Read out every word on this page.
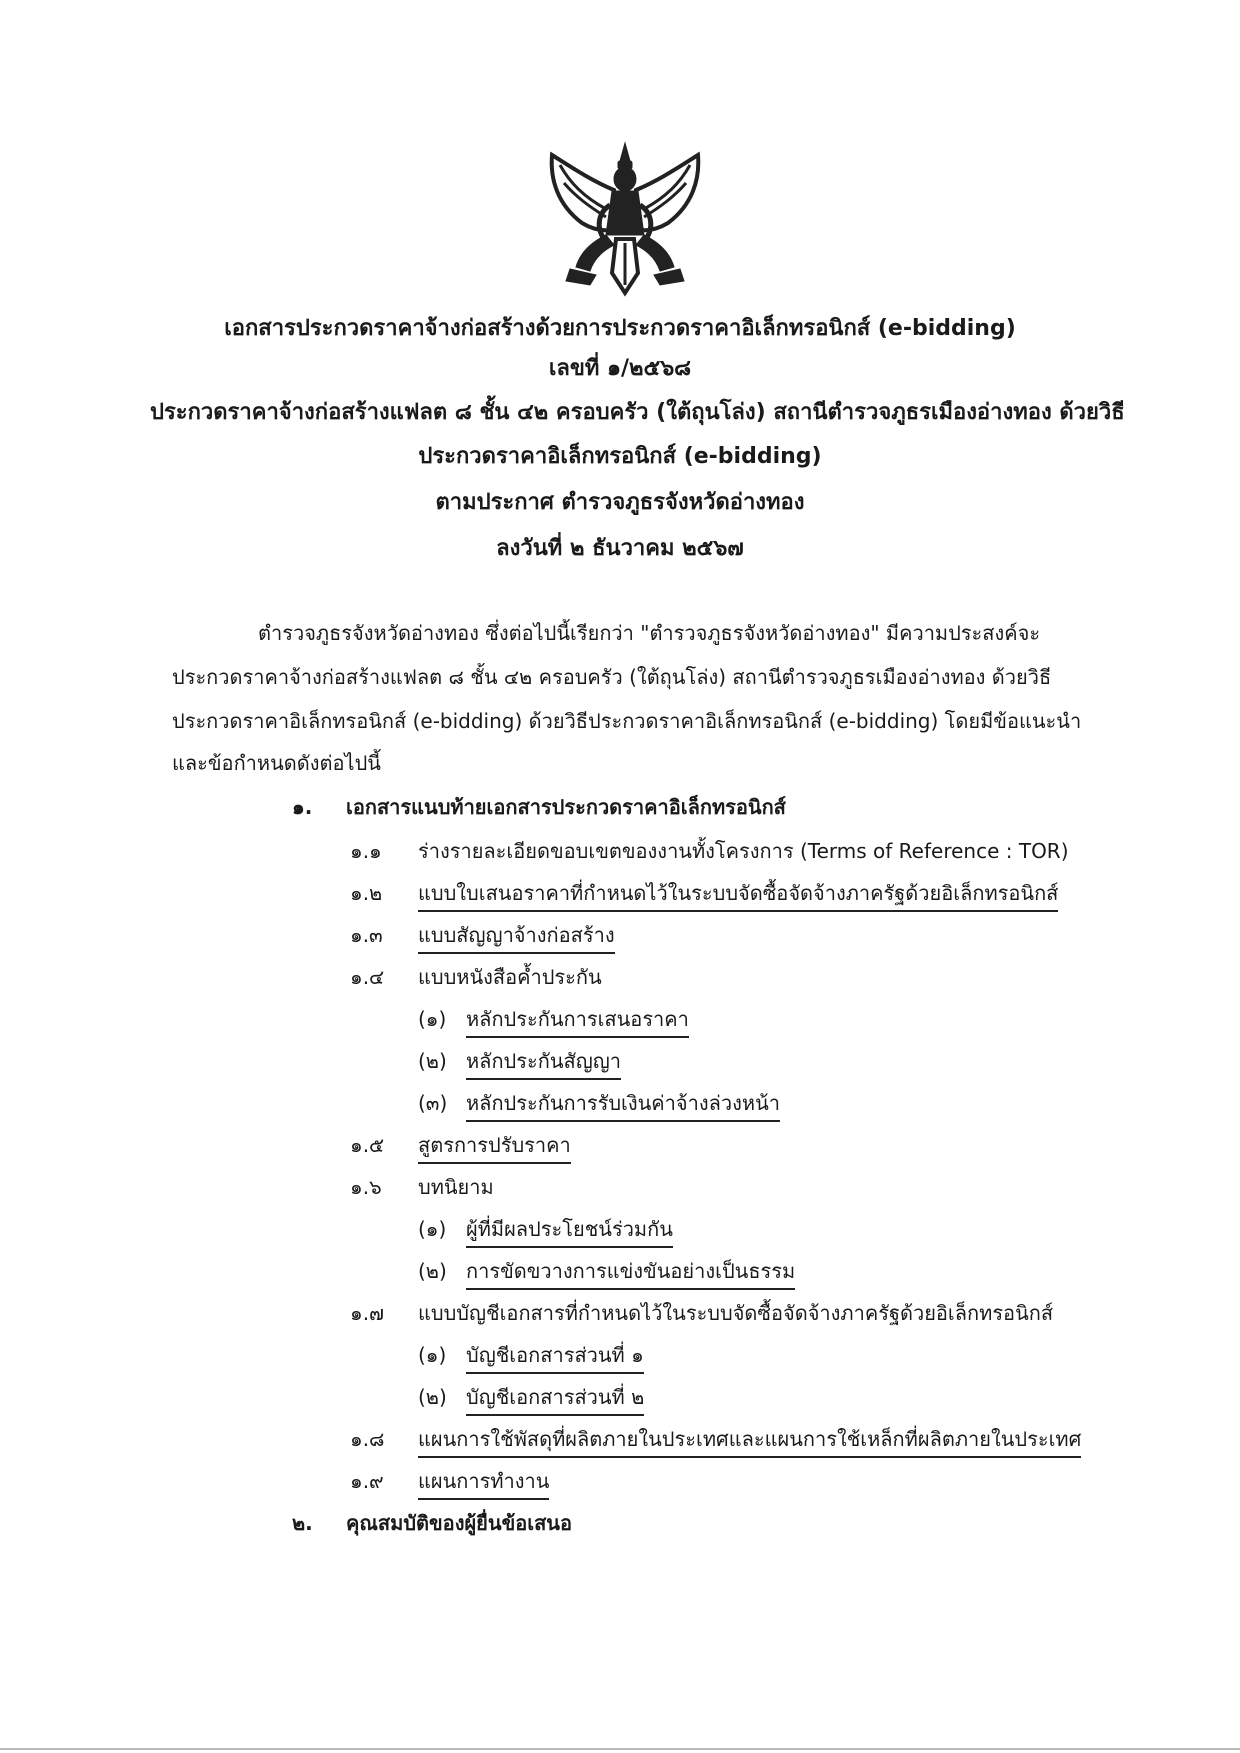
เอกสารประกวดราคาจ้างก่อสร้างด้วยการประกวดราคาอิเล็กทรอนิกส์ (e-bidding)
เลขที่ ๑/๒๕๖๘
ประกวดราคาจ้างก่อสร้างแฟลต ๘ ชั้น ๔๒ ครอบครัว (ใต้ถุนโล่ง) สถานีตำรวจภูธรเมืองอ่างทอง ด้วยวิธี
ประกวดราคาอิเล็กทรอนิกส์ (e-bidding)
ตามประกาศ ตำรวจภูธรจังหวัดอ่างทอง
ลงวันที่ ๒ ธันวาคม ๒๕๖๗
ตำรวจภูธรจังหวัดอ่างทอง ซึ่งต่อไปนี้เรียกว่า "ตำรวจภูธรจังหวัดอ่างทอง" มีความประสงค์จะ
ประกวดราคาจ้างก่อสร้างแฟลต ๘ ชั้น ๔๒ ครอบครัว (ใต้ถุนโล่ง) สถานีตำรวจภูธรเมืองอ่างทอง ด้วยวิธี
ประกวดราคาอิเล็กทรอนิกส์ (e-bidding) ด้วยวิธีประกวดราคาอิเล็กทรอนิกส์ (e-bidding) โดยมีข้อแนะนำ
และข้อกำหนดดังต่อไปนี้
๑. เอกสารแนบท้ายเอกสารประกวดราคาอิเล็กทรอนิกส์
๑.๑ ร่างรายละเอียดขอบเขตของงานทั้งโครงการ (Terms of Reference : TOR)
๑.๒ แบบใบเสนอราคาที่กำหนดไว้ในระบบจัดซื้อจัดจ้างภาครัฐด้วยอิเล็กทรอนิกส์
๑.๓ แบบสัญญาจ้างก่อสร้าง
๑.๔ แบบหนังสือค้ำประกัน
(๑) หลักประกันการเสนอราคา
(๒) หลักประกันสัญญา
(๓) หลักประกันการรับเงินค่าจ้างล่วงหน้า
๑.๕ สูตรการปรับราคา
๑.๖ บทนิยาม
(๑) ผู้ที่มีผลประโยชน์ร่วมกัน
(๒) การขัดขวางการแข่งขันอย่างเป็นธรรม
๑.๗ แบบบัญชีเอกสารที่กำหนดไว้ในระบบจัดซื้อจัดจ้างภาครัฐด้วยอิเล็กทรอนิกส์
(๑) บัญชีเอกสารส่วนที่ ๑
(๒) บัญชีเอกสารส่วนที่ ๒
๑.๘ แผนการใช้พัสดุที่ผลิตภายในประเทศและแผนการใช้เหล็กที่ผลิตภายในประเทศ
๑.๙ แผนการทำงาน
๒. คุณสมบัติของผู้ยื่นข้อเสนอ
